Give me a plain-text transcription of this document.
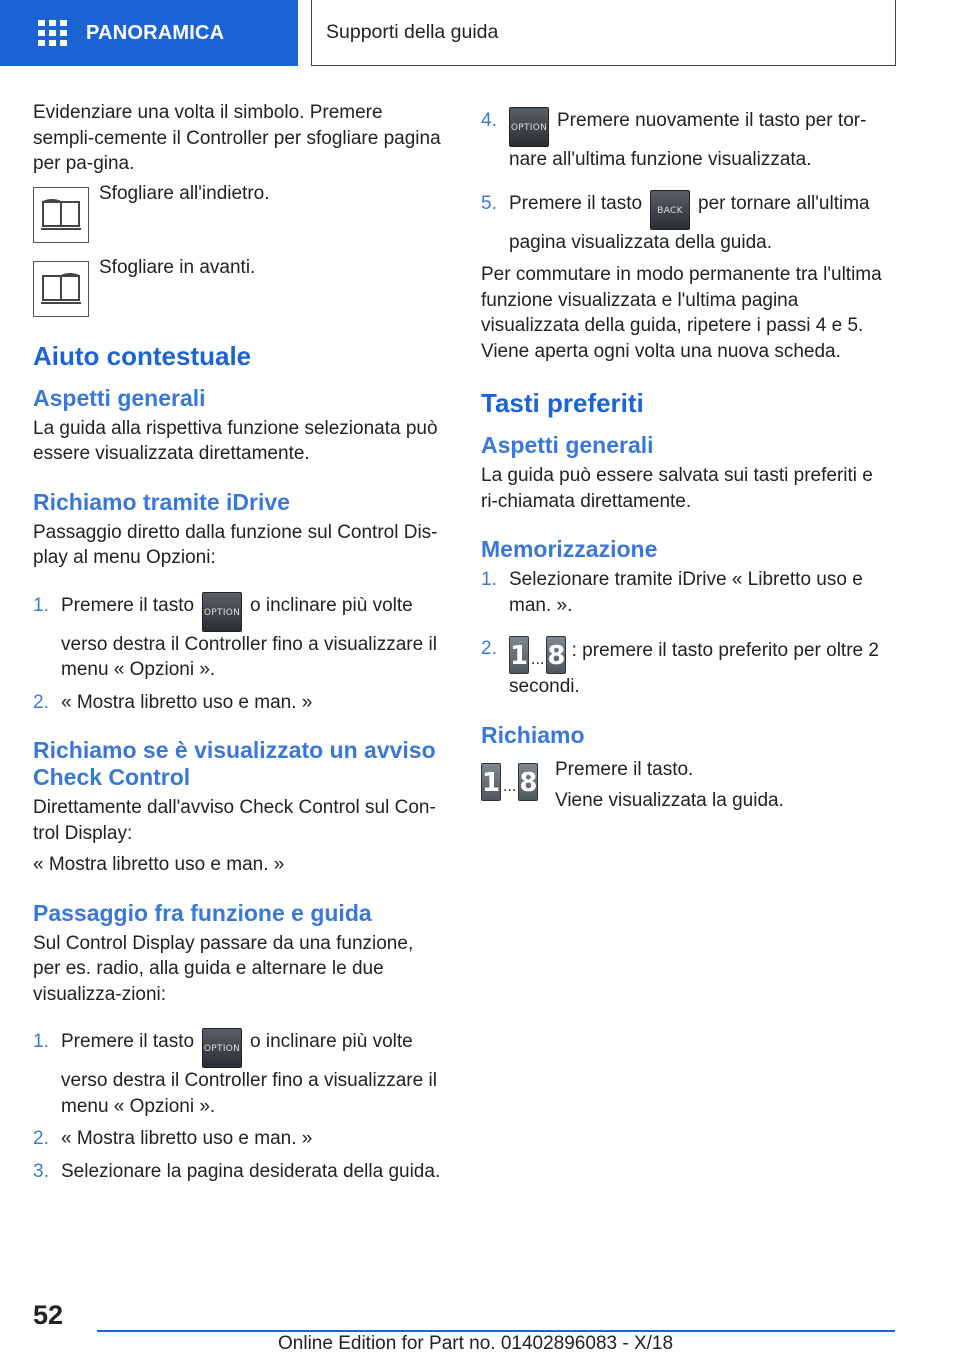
PANORAMICA	Supporti della guida

Evidenziare una volta il simbolo. Premere sempli-cemente il Controller per sfogliare pagina per pa-gina.

Sfogliare all'indietro.

Sfogliare in avanti.

Aiuto contestuale
Aspetti generali

La guida alla rispettiva funzione selezionata può essere visualizzata direttamente.

Richiamo tramite iDrive

Passaggio diretto dalla funzione sul Control Dis-play al menu Opzioni:

1. Premere il tasto OPTION o inclinare più volte verso destra il Controller fino a visualizzare il menu « Opzioni ».
2. « Mostra libretto uso e man. »
Richiamo se è visualizzato un avviso Check Control

Direttamente dall'avviso Check Control sul Con-trol Display:

« Mostra libretto uso e man. »

Passaggio fra funzione e guida

Sul Control Display passare da una funzione, per es. radio, alla guida e alternare le due visualizza-zioni:

1. Premere il tasto OPTION o inclinare più volte verso destra il Controller fino a visualizzare il menu « Opzioni ».
2. « Mostra libretto uso e man. »
3. Selezionare la pagina desiderata della guida.
4.	OPTION Premere nuovamente il tasto per tor-nare all'ultima funzione visualizzata.
5. Premere il tasto BACK per tornare all'ultima pagina visualizzata della guida.

Per commutare in modo permanente tra l'ultima funzione visualizzata e l'ultima pagina visualizzata della guida, ripetere i passi 4 e 5. Viene aperta ogni volta una nuova scheda.

Tasti preferiti
Aspetti generali

La guida può essere salvata sui tasti preferiti e ri-chiamata direttamente.

Memorizzazione
1. Selezionare tramite iDrive « Libretto uso e man. ».
2. 1 ... 8 : premere il tasto preferito per oltre 2 secondi.
Richiamo
1 ... 8 Premere il tasto.

Viene visualizzata la guida.

52
Online Edition for Part no. 01402896083 - X/18
